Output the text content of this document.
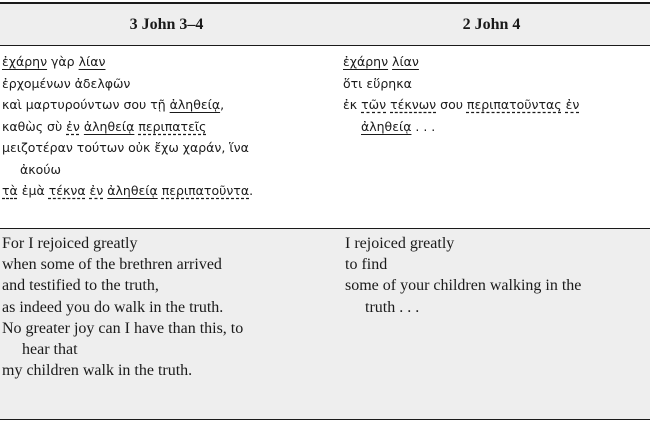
3 John 3–4	2 John 4
ἐχάρην γὰρ λίαν
ἐρχομένων ἀδελφῶν
καὶ μαρτυρούντων σου τῇ ἀληθείᾳ,
καθὼς σὺ ἐν ἀληθείᾳ περιπατεῖς
μειζοτέραν τούτων οὐκ ἔχω χαράν, ἵνα
ἀκούω
τὰ ἐμὰ τέκνα ἐν ἀληθείᾳ περιπατοῦντα.
ἐχάρην λίαν
ὅτι εὕρηκα
ἐκ τῶν τέκνων σου περιπατοῦντας ἐν
ἀληθείᾳ . . .
For I rejoiced greatly
when some of the brethren arrived
and testified to the truth,
as indeed you do walk in the truth.
No greater joy can I have than this, to
hear that
my children walk in the truth.
I rejoiced greatly
to find
some of your children walking in the
truth . . .
